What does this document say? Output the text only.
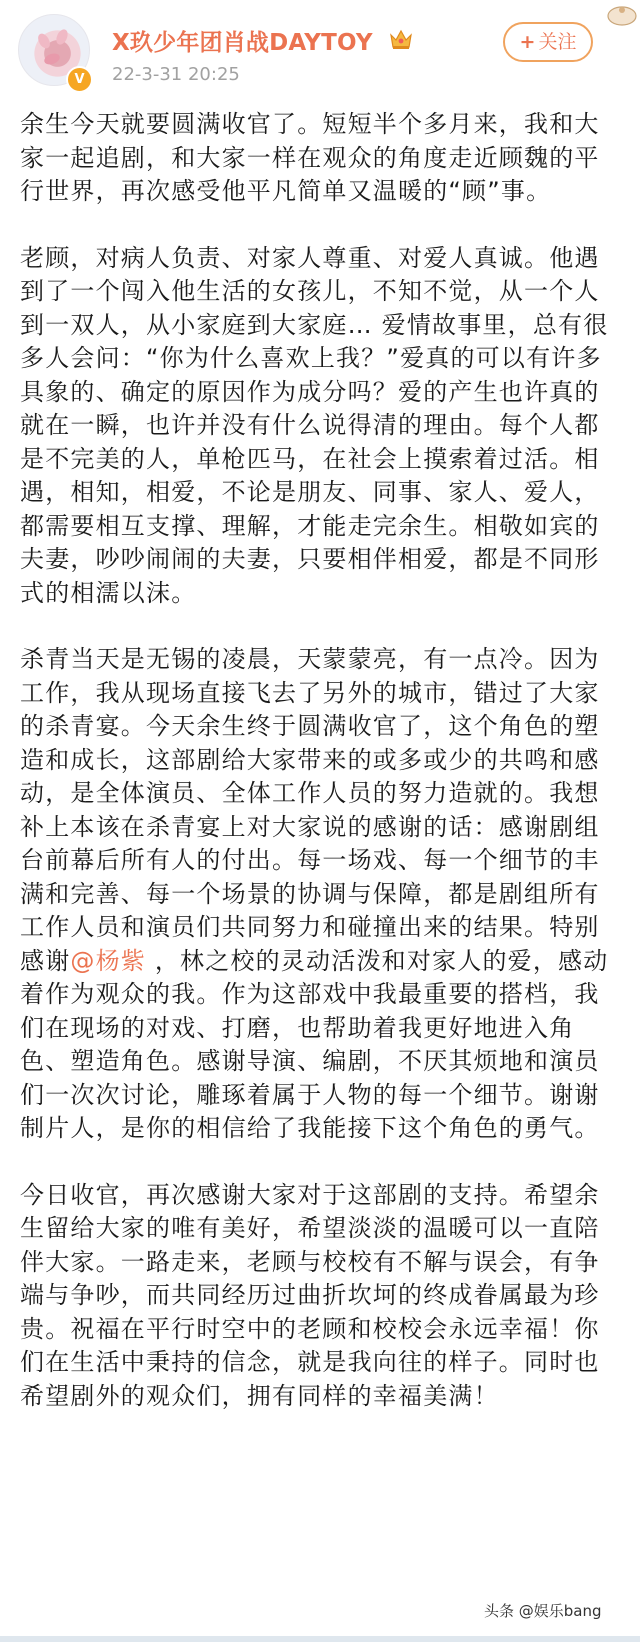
V
X玖少年团肖战DAYTOY
22-3-31 20:25
+ 关注

余生今天就要圆满收官了。短短半个多月来，我和大家一起追剧，和大家一样在观众的角度走近顾魏的平行世界，再次感受他平凡简单又温暖的“顾”事。

老顾，对病人负责、对家人尊重、对爱人真诚。他遇到了一个闯入他生活的女孩儿，不知不觉，从一个人到一双人，从小家庭到大家庭… 爱情故事里，总有很多人会问：“你为什么喜欢上我？”爱真的可以有许多具象的、确定的原因作为成分吗？爱的产生也许真的就在一瞬，也许并没有什么说得清的理由。每个人都是不完美的人，单枪匹马，在社会上摸索着过活。相遇，相知，相爱，不论是朋友、同事、家人、爱人，都需要相互支撑、理解，才能走完余生。相敬如宾的夫妻，吵吵闹闹的夫妻，只要相伴相爱，都是不同形式的相濡以沫。

杀青当天是无锡的凌晨，天蒙蒙亮，有一点冷。因为工作，我从现场直接飞去了另外的城市，错过了大家的杀青宴。今天余生终于圆满收官了，这个角色的塑造和成长，这部剧给大家带来的或多或少的共鸣和感动，是全体演员、全体工作人员的努力造就的。我想补上本该在杀青宴上对大家说的感谢的话：感谢剧组台前幕后所有人的付出。每一场戏、每一个细节的丰满和完善、每一个场景的协调与保障，都是剧组所有工作人员和演员们共同努力和碰撞出来的结果。特别感谢@杨紫 ，林之校的灵动活泼和对家人的爱，感动着作为观众的我。作为这部戏中我最重要的搭档，我们在现场的对戏、打磨，也帮助着我更好地进入角色、塑造角色。感谢导演、编剧，不厌其烦地和演员们一次次讨论，雕琢着属于人物的每一个细节。谢谢制片人，是你的相信给了我能接下这个角色的勇气。

今日收官，再次感谢大家对于这部剧的支持。希望余生留给大家的唯有美好，希望淡淡的温暖可以一直陪伴大家。一路走来，老顾与校校有不解与误会，有争端与争吵，而共同经历过曲折坎坷的终成眷属最为珍贵。祝福在平行时空中的老顾和校校会永远幸福！你们在生活中秉持的信念，就是我向往的样子。同时也希望剧外的观众们，拥有同样的幸福美满！

头条 @娱乐bang
